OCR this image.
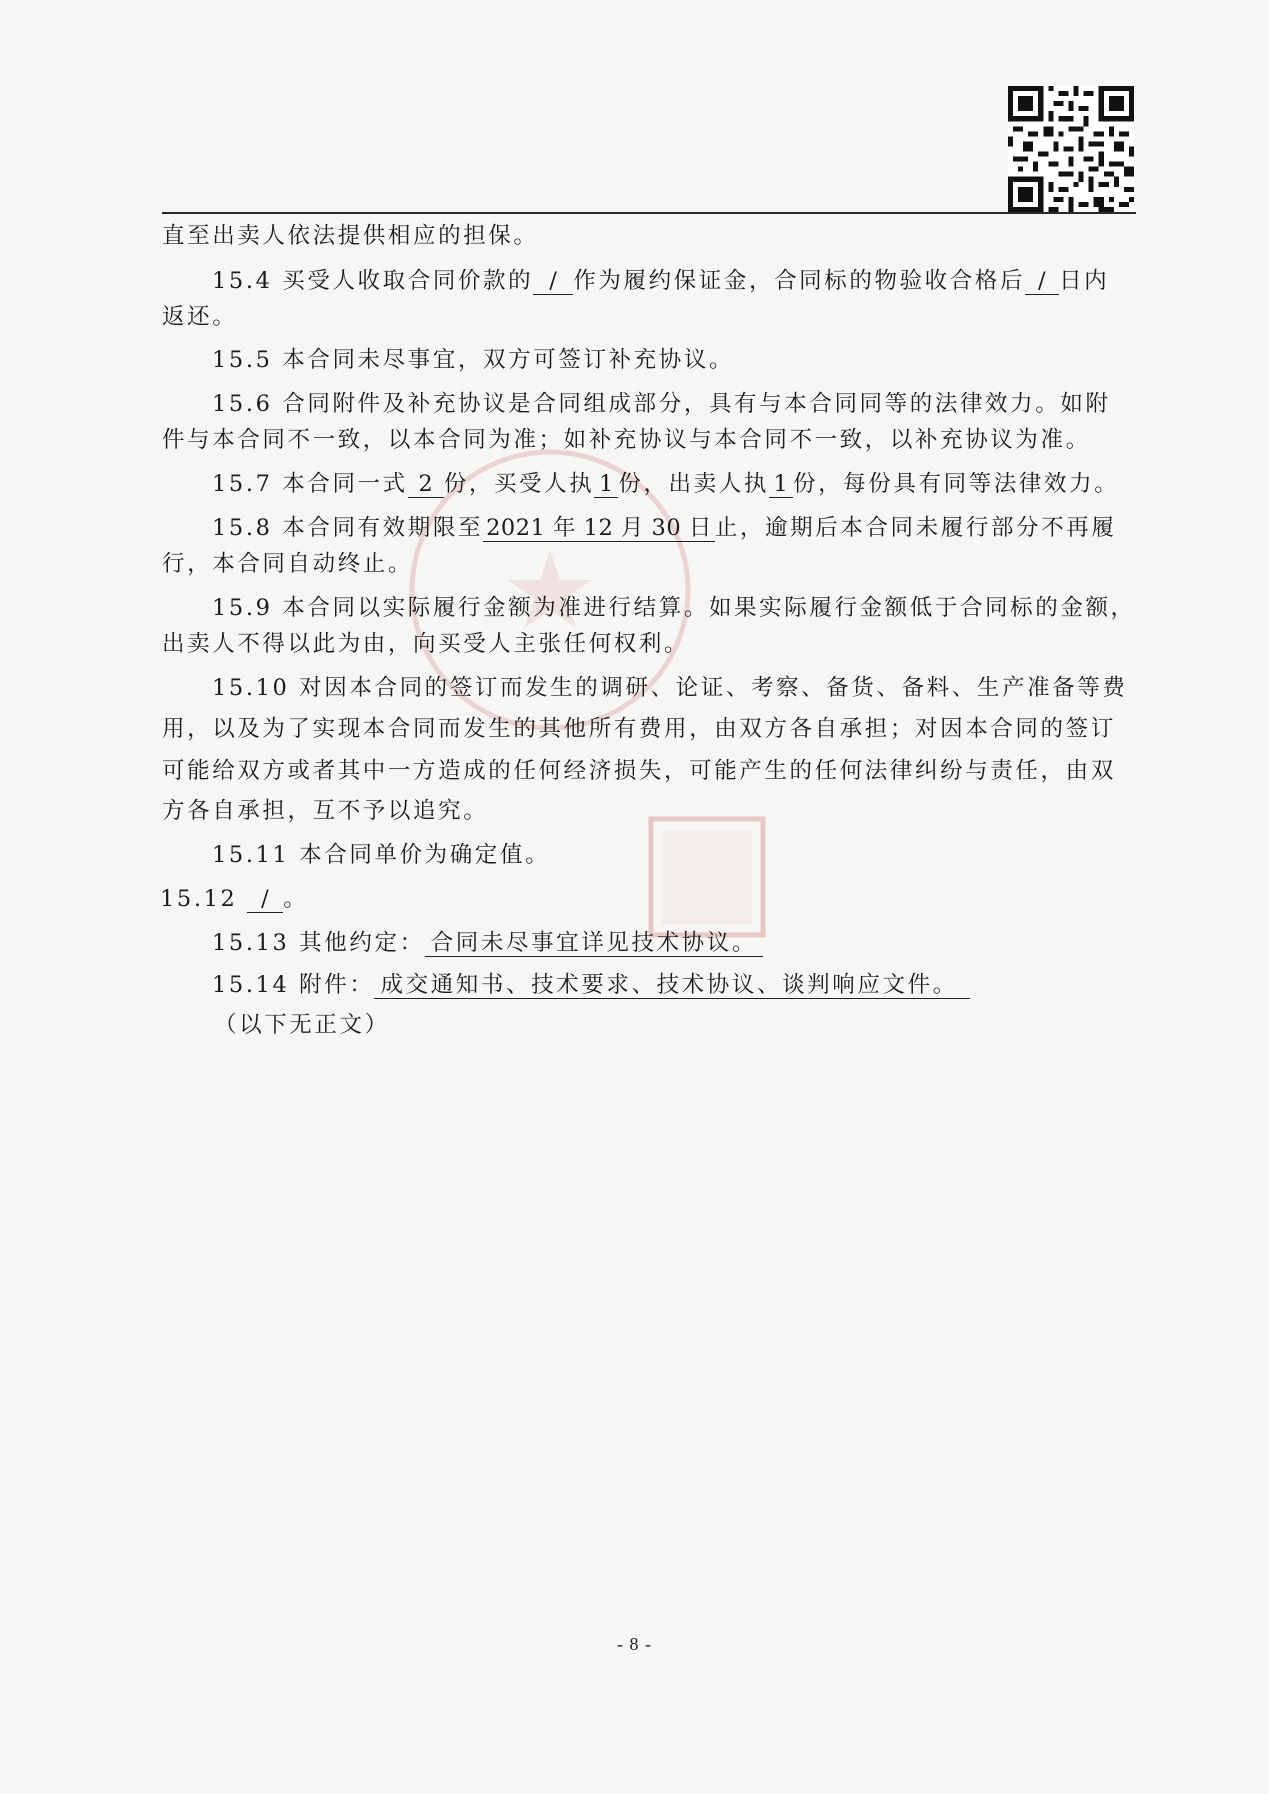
直至出卖人依法提供相应的担保。
15.4 买受人收取合同价款的 / 作为履约保证金，合同标的物验收合格后 / 日内
返还。
15.5 本合同未尽事宜，双方可签订补充协议。
15.6 合同附件及补充协议是合同组成部分，具有与本合同同等的法律效力。如附
件与本合同不一致，以本合同为准；如补充协议与本合同不一致，以补充协议为准。
15.7 本合同一式 2 份，买受人执 1 份，出卖人执 1 份，每份具有同等法律效力。
15.8 本合同有效期限至 2021 年 12 月 30 日 止，逾期后本合同未履行部分不再履
行，本合同自动终止。
15.9 本合同以实际履行金额为准进行结算。如果实际履行金额低于合同标的金额，
出卖人不得以此为由，向买受人主张任何权利。
15.10 对因本合同的签订而发生的调研、论证、考察、备货、备料、生产准备等费
用，以及为了实现本合同而发生的其他所有费用，由双方各自承担；对因本合同的签订
可能给双方或者其中一方造成的任何经济损失，可能产生的任何法律纠纷与责任，由双
方各自承担，互不予以追究。
15.11 本合同单价为确定值。
15.12 / 。
15.13 其他约定： 合同未尽事宜详见技术协议。
15.14 附件： 成交通知书、技术要求、技术协议、谈判响应文件。
（以下无正文）
- 8 -
